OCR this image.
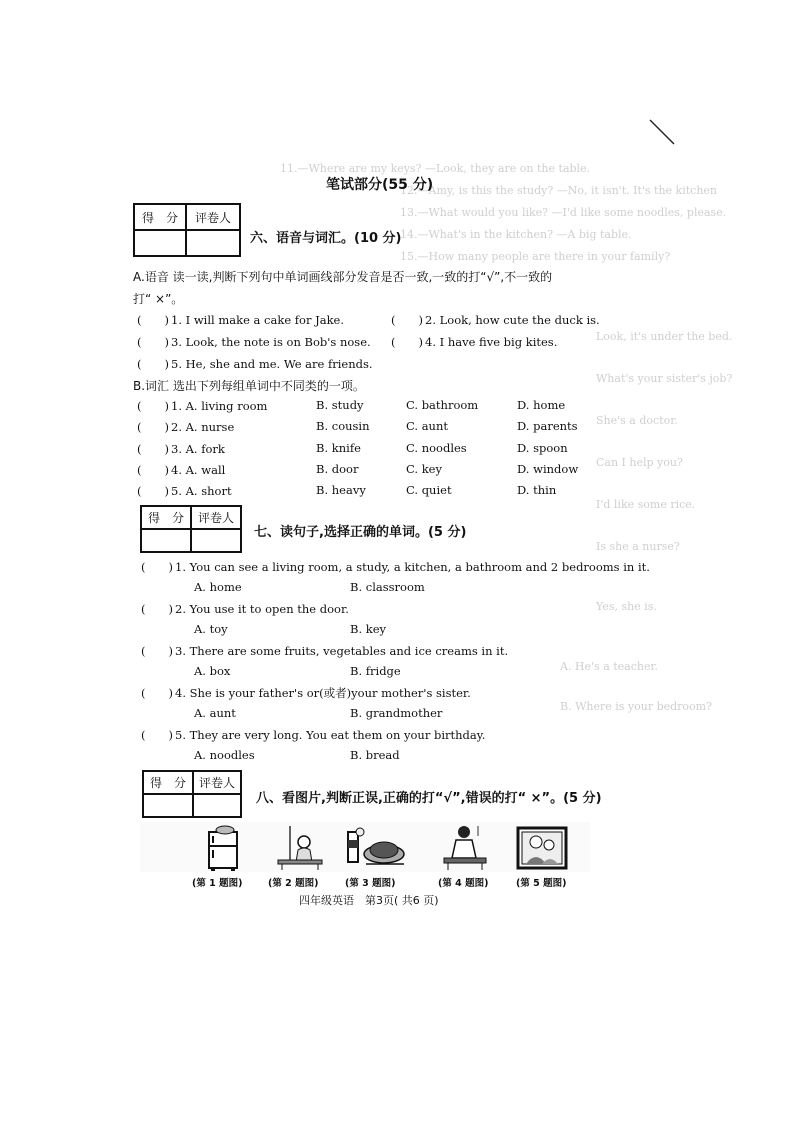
11.—Where are my keys? —Look, they are on the table.
12.—Amy, is this the study? —No, it isn't. It's the kitchen
13.—What would you like? —I'd like some noodles, please.
14.—What's in the kitchen? —A big table.
15.—How many people are there in your family?
Look, it's under the bed.
What's your sister's job?
She's a doctor.
Can I help you?
I'd like some rice.
Is she a nurse?
Yes, she is.
A. He's a teacher.
B. Where is your bedroom?
笔试部分(55 分)
得　分	评卷人

六、语音与词汇。(10 分)
A.语音 读一读,判断下列句中单词画线部分发音是否一致,一致的打“√”,不一致的
打“ ×”。
(　　) 1. I will make a cake for Jake.	(　　) 2. Look, how cute the duck is.
(　　) 3. Look, the note is on Bob's nose. (　　) 4. I have five big kites.
(　　) 5. He, she and me. We are friends.
B.词汇 选出下列每组单词中不同类的一项。
(　　) 1. A. living room	B. study	C. bathroom	D. home
(　　) 2. A. nurse	B. cousin	C. aunt	D. parents
(　　) 3. A. fork	B. knife	C. noodles	D. spoon
(　　) 4. A. wall	B. door	C. key	D. window
(　　) 5. A. short	B. heavy	C. quiet	D. thin
得　分	评卷人

七、读句子,选择正确的单词。(5 分)
(　　) 1. You can see a living room, a study, a kitchen, a bathroom and 2 bedrooms in it.
A. home	B. classroom
(　　) 2. You use it to open the door.
A. toy	B. key
(　　) 3. There are some fruits, vegetables and ice creams in it.
A. box	B. fridge
(　　) 4. She is your father's or(或者)your mother's sister.
A. aunt	B. grandmother
(　　) 5. They are very long. You eat them on your birthday.
A. noodles	B. bread
得　分	评卷人

八、看图片,判断正误,正确的打“√”,错误的打“ ×”。(5 分)
(第 1 题图)	(第 2 题图)	(第 3 题图)	(第 4 题图)	(第 5 题图)
四年级英语　第3页( 共6 页)
